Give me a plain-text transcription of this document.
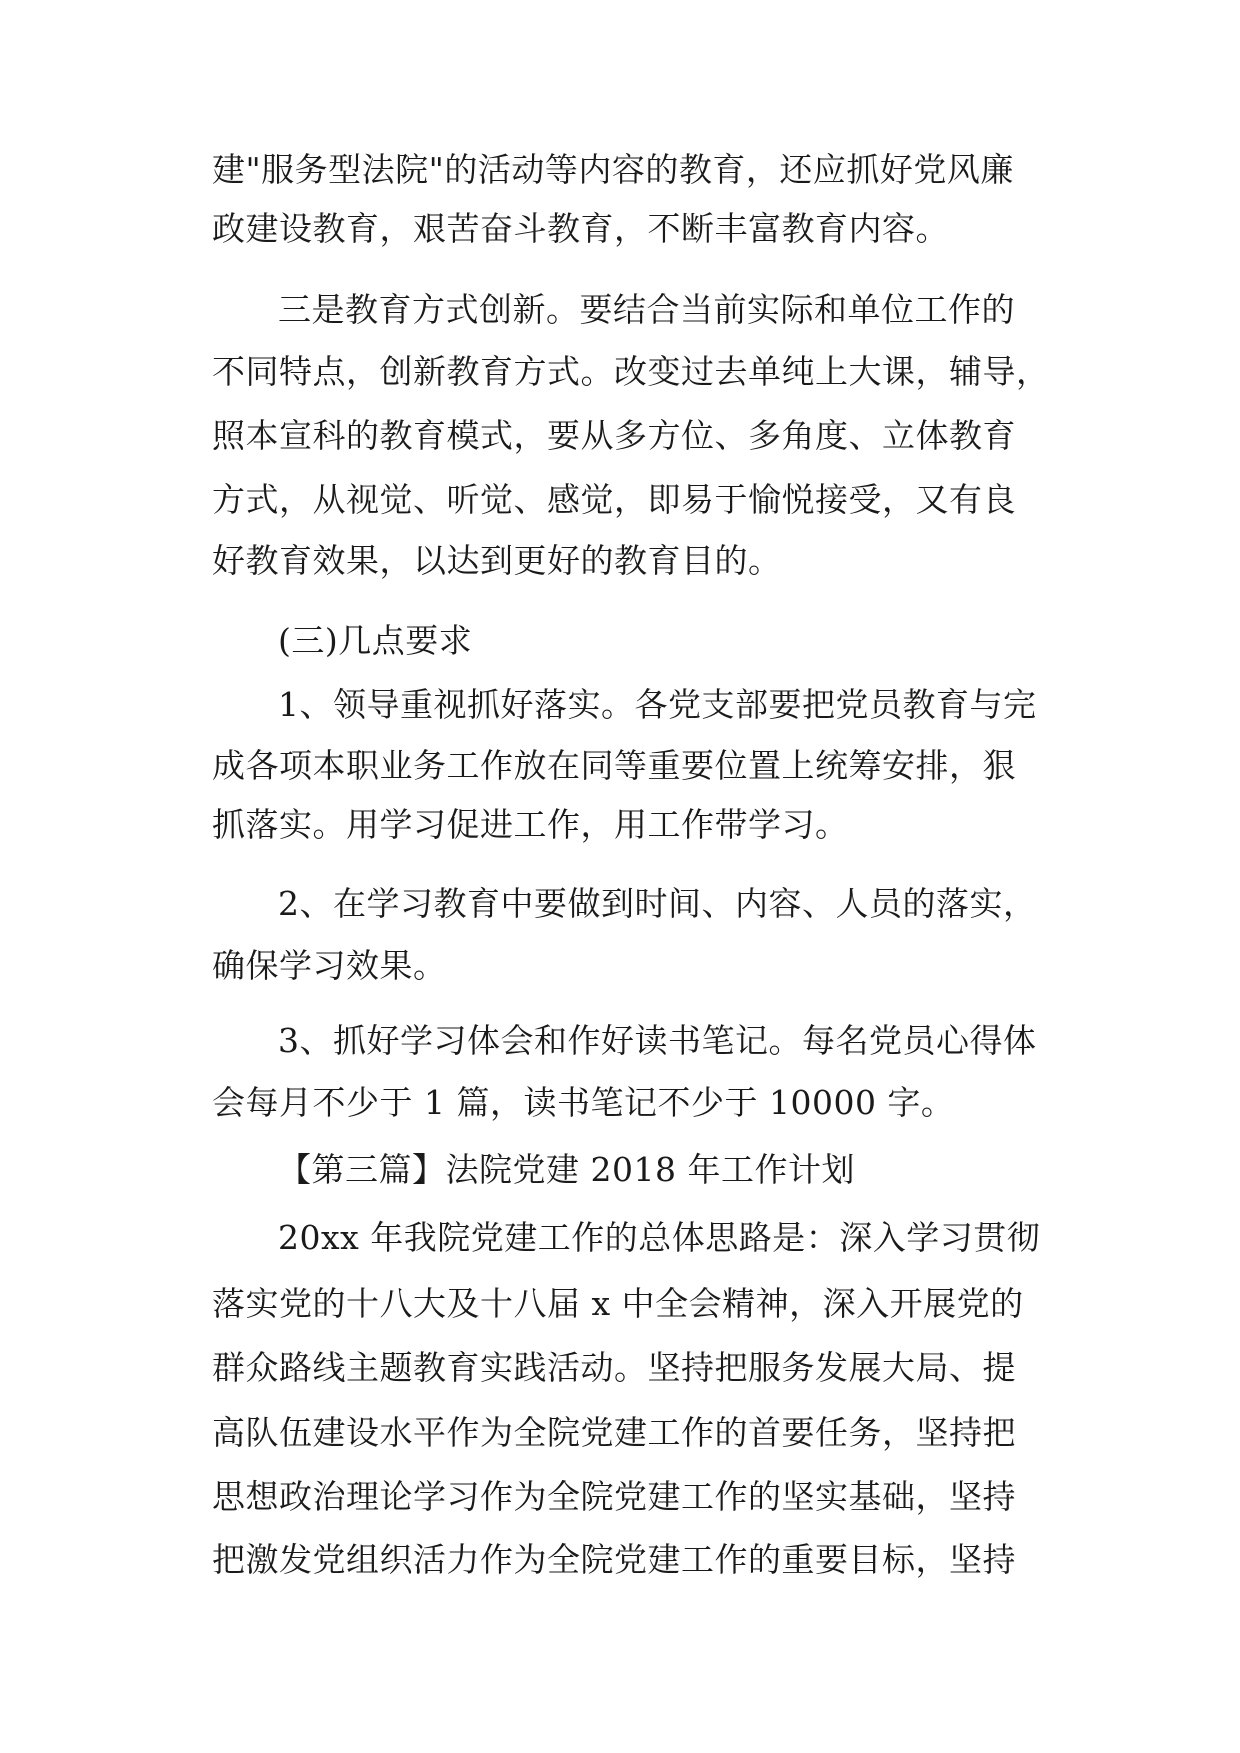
建"服务型法院"的活动等内容的教育，还应抓好党风廉
政建设教育，艰苦奋斗教育，不断丰富教育内容。
三是教育方式创新。要结合当前实际和单位工作的
不同特点，创新教育方式。改变过去单纯上大课，辅导，
照本宣科的教育模式，要从多方位、多角度、立体教育
方式，从视觉、听觉、感觉，即易于愉悦接受，又有良
好教育效果，以达到更好的教育目的。
(三)几点要求
1、领导重视抓好落实。各党支部要把党员教育与完
成各项本职业务工作放在同等重要位置上统筹安排，狠
抓落实。用学习促进工作，用工作带学习。
2、在学习教育中要做到时间、内容、人员的落实，
确保学习效果。
3、抓好学习体会和作好读书笔记。每名党员心得体
会每月不少于 1 篇，读书笔记不少于 10000 字。
【第三篇】法院党建 2018 年工作计划
20xx 年我院党建工作的总体思路是：深入学习贯彻
落实党的十八大及十八届 x 中全会精神，深入开展党的
群众路线主题教育实践活动。坚持把服务发展大局、提
高队伍建设水平作为全院党建工作的首要任务，坚持把
思想政治理论学习作为全院党建工作的坚实基础，坚持
把激发党组织活力作为全院党建工作的重要目标，坚持
